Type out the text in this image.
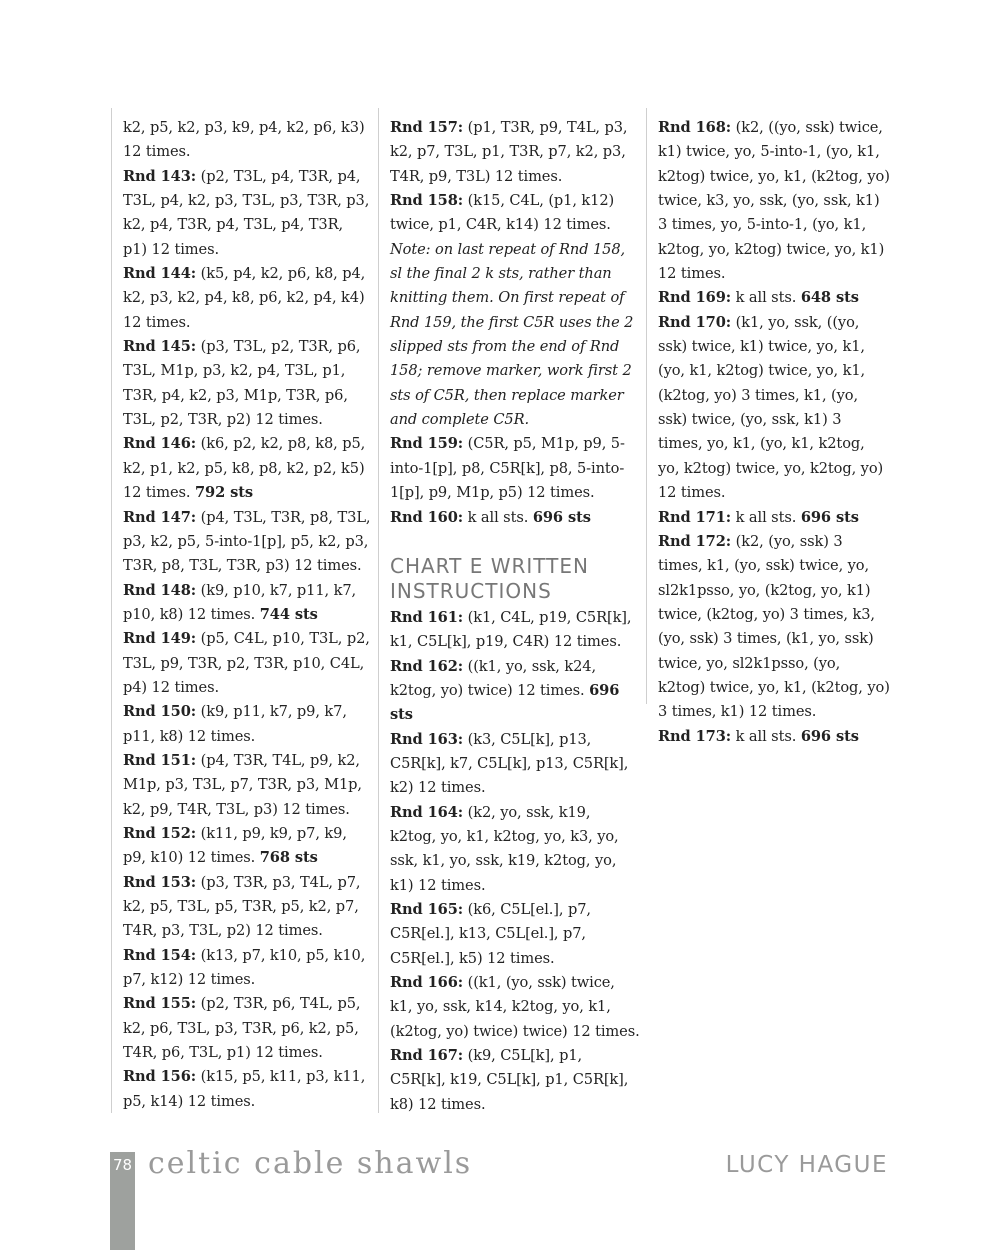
k2, p5, k2, p3, k9, p4, k2, p6, k3) 12 times.

Rnd 143: (p2, T3L, p4, T3R, p4, T3L, p4, k2, p3, T3L, p3, T3R, p3, k2, p4, T3R, p4, T3L, p4, T3R, p1) 12 times.

Rnd 144: (k5, p4, k2, p6, k8, p4, k2, p3, k2, p4, k8, p6, k2, p4, k4) 12 times.

Rnd 145: (p3, T3L, p2, T3R, p6, T3L, M1p, p3, k2, p4, T3L, p1, T3R, p4, k2, p3, M1p, T3R, p6, T3L, p2, T3R, p2) 12 times.

Rnd 146: (k6, p2, k2, p8, k8, p5, k2, p1, k2, p5, k8, p8, k2, p2, k5) 12 times. 792 sts

Rnd 147: (p4, T3L, T3R, p8, T3L, p3, k2, p5, 5-into-1[p], p5, k2, p3, T3R, p8, T3L, T3R, p3) 12 times.

Rnd 148: (k9, p10, k7, p11, k7, p10, k8) 12 times. 744 sts

Rnd 149: (p5, C4L, p10, T3L, p2, T3L, p9, T3R, p2, T3R, p10, C4L, p4) 12 times.

Rnd 150: (k9, p11, k7, p9, k7, p11, k8) 12 times.

Rnd 151: (p4, T3R, T4L, p9, k2, M1p, p3, T3L, p7, T3R, p3, M1p, k2, p9, T4R, T3L, p3) 12 times.

Rnd 152: (k11, p9, k9, p7, k9, p9, k10) 12 times. 768 sts

Rnd 153: (p3, T3R, p3, T4L, p7, k2, p5, T3L, p5, T3R, p5, k2, p7, T4R, p3, T3L, p2) 12 times.

Rnd 154: (k13, p7, k10, p5, k10, p7, k12) 12 times.

Rnd 155: (p2, T3R, p6, T4L, p5, k2, p6, T3L, p3, T3R, p6, k2, p5, T4R, p6, T3L, p1) 12 times.

Rnd 156: (k15, p5, k11, p3, k11, p5, k14) 12 times.

Rnd 157: (p1, T3R, p9, T4L, p3, k2, p7, T3L, p1, T3R, p7, k2, p3, T4R, p9, T3L) 12 times.

Rnd 158: (k15, C4L, (p1, k12) twice, p1, C4R, k14) 12 times.

Note: on last repeat of Rnd 158, sl the final 2 k sts, rather than knitting them. On first repeat of Rnd 159, the first C5R uses the 2 slipped sts from the end of Rnd 158; remove marker, work first 2 sts of C5R, then replace marker and complete C5R.

Rnd 159: (C5R, p5, M1p, p9, 5-into-1[p], p8, C5R[k], p8, 5-into-1[p], p9, M1p, p5) 12 times.

Rnd 160: k all sts. 696 sts

CHART E WRITTEN INSTRUCTIONS

Rnd 161: (k1, C4L, p19, C5R[k], k1, C5L[k], p19, C4R) 12 times.

Rnd 162: ((k1, yo, ssk, k24, k2tog, yo) twice) 12 times. 696 sts

Rnd 163: (k3, C5L[k], p13, C5R[k], k7, C5L[k], p13, C5R[k], k2) 12 times.

Rnd 164: (k2, yo, ssk, k19, k2tog, yo, k1, k2tog, yo, k3, yo, ssk, k1, yo, ssk, k19, k2tog, yo, k1) 12 times.

Rnd 165: (k6, C5L[el.], p7, C5R[el.], k13, C5L[el.], p7, C5R[el.], k5) 12 times.

Rnd 166: ((k1, (yo, ssk) twice, k1, yo, ssk, k14, k2tog, yo, k1, (k2tog, yo) twice) twice) 12 times.

Rnd 167: (k9, C5L[k], p1, C5R[k], k19, C5L[k], p1, C5R[k], k8) 12 times.

Rnd 168: (k2, ((yo, ssk) twice, k1) twice, yo, 5-into-1, (yo, k1, k2tog) twice, yo, k1, (k2tog, yo) twice, k3, yo, ssk, (yo, ssk, k1) 3 times, yo, 5-into-1, (yo, k1, k2tog, yo, k2tog) twice, yo, k1) 12 times.

Rnd 169: k all sts. 648 sts

Rnd 170: (k1, yo, ssk, ((yo, ssk) twice, k1) twice, yo, k1, (yo, k1, k2tog) twice, yo, k1, (k2tog, yo) 3 times, k1, (yo, ssk) twice, (yo, ssk, k1) 3 times, yo, k1, (yo, k1, k2tog, yo, k2tog) twice, yo, k2tog, yo) 12 times.

Rnd 171: k all sts. 696 sts

Rnd 172: (k2, (yo, ssk) 3 times, k1, (yo, ssk) twice, yo, sl2k1psso, yo, (k2tog, yo, k1) twice, (k2tog, yo) 3 times, k3, (yo, ssk) 3 times, (k1, yo, ssk) twice, yo, sl2k1psso, (yo, k2tog) twice, yo, k1, (k2tog, yo) 3 times, k1) 12 times.

Rnd 173: k all sts. 696 sts

78 celtic cable shawls	LUCY HAGUE
